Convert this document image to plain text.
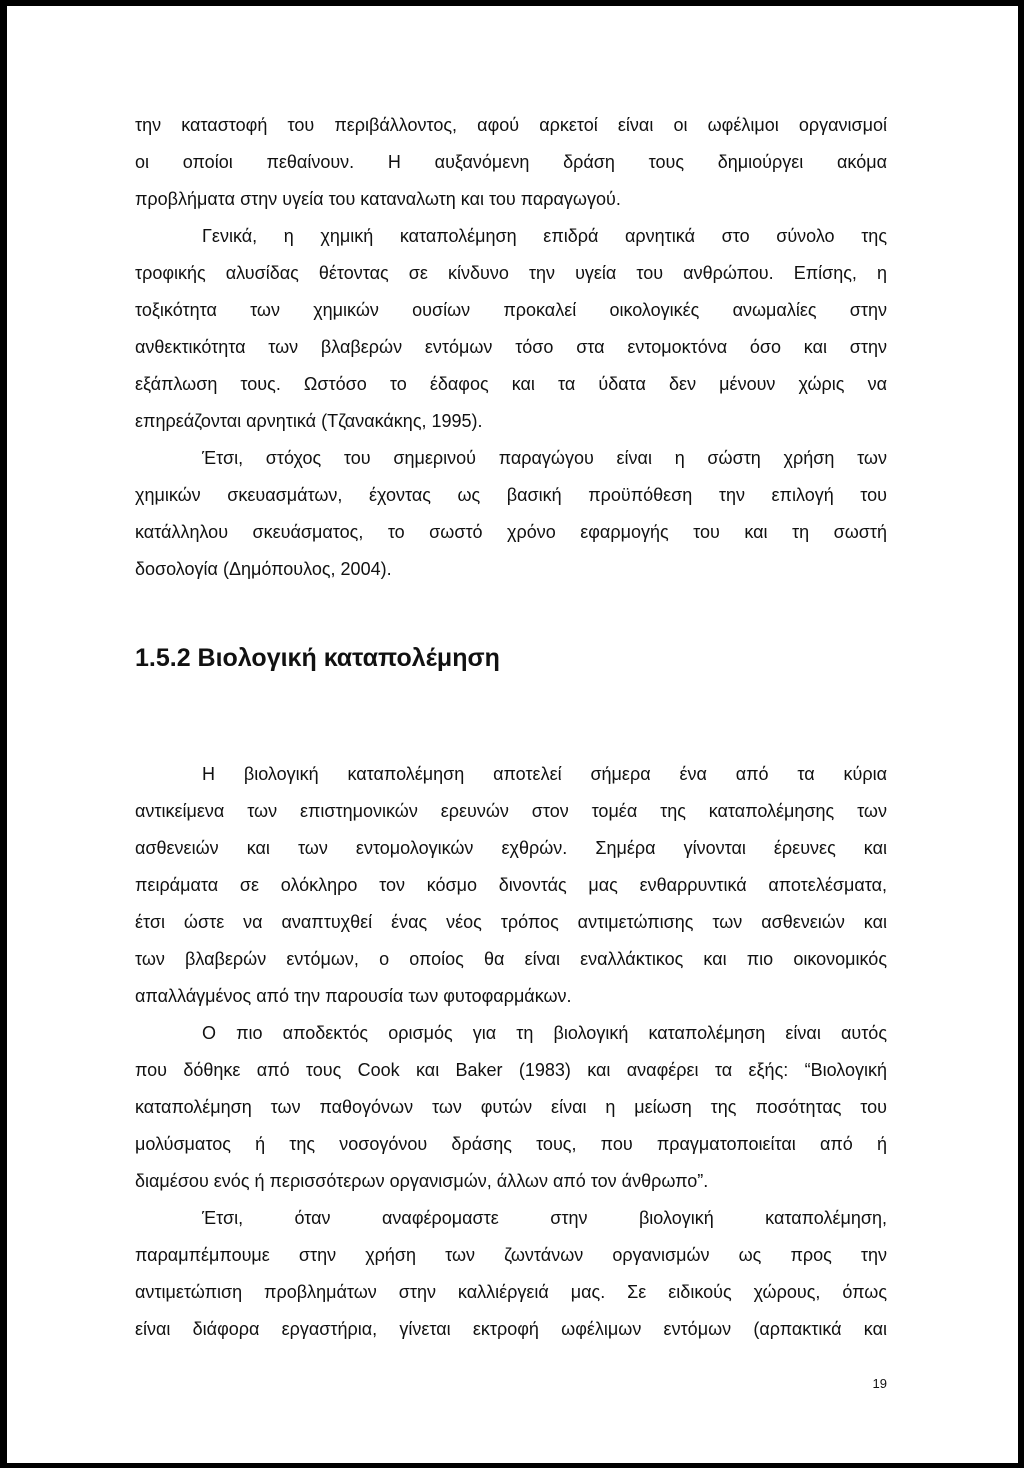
την καταστοφή του περιβάλλοντος, αφού αρκετοί είναι οι ωφέλιμοι οργανισμοί

οι οποίοι πεθαίνουν. Η αυξανόμενη δράση τους δημιούργει ακόμα

προβλήματα στην υγεία του καταναλωτη και του παραγωγού.

Γενικά, η χημική καταπολέμηση επιδρά αρνητικά στο σύνολο της

τροφικής αλυσίδας θέτοντας σε κίνδυνο την υγεία του ανθρώπου. Επίσης, η

τοξικότητα των χημικών ουσίων προκαλεί οικολογικές ανωμαλίες στην

ανθεκτικότητα των βλαβερών εντόμων τόσο στα εντομοκτόνα όσο και στην

εξάπλωση τους. Ωστόσο το έδαφος και τα ύδατα δεν μένουν χώρις να

επηρεάζονται αρνητικά (Τζανακάκης, 1995).

Έτσι, στόχος του σημερινού παραγώγου είναι η σώστη χρήση των

χημικών σκευασμάτων, έχοντας ως βασική προϋπόθεση την επιλογή του

κατάλληλου σκευάσματος, το σωστό χρόνο εφαρμογής του και τη σωστή

δοσολογία (Δημόπουλος, 2004).

1.5.2 Βιολογική καταπολέμηση

Η βιολογική καταπολέμηση αποτελεί σήμερα ένα από τα κύρια

αντικείμενα των επιστημονικών ερευνών στον τομέα της καταπολέμησης των

ασθενειών και των εντομολογικών εχθρών. Σημέρα γίνονται έρευνες και

πειράματα σε ολόκληρο τον κόσμο δινοντάς μας ενθαρρυντικά αποτελέσματα,

έτσι ώστε να αναπτυχθεί ένας νέος τρόπος αντιμετώπισης των ασθενειών και

των βλαβερών εντόμων, ο οποίος θα είναι εναλλάκτικος και πιο οικονομικός

απαλλάγμένος από την παρουσία των φυτοφαρμάκων.

Ο πιο αποδεκτός ορισμός για τη βιολογική καταπολέμηση είναι αυτός

που δόθηκε από τους Cook και Baker (1983) και αναφέρει τα εξής: “Βιολογική

καταπολέμηση των παθογόνων των φυτών είναι η μείωση της ποσότητας του

μολύσματος ή της νοσογόνου δράσης τους, που πραγματοποιείται από ή

διαμέσου ενός ή περισσότερων οργανισμών, άλλων από τον άνθρωπο”.

Έτσι, όταν αναφέρομαστε στην βιολογική καταπολέμηση,

παραμπέμπουμε στην χρήση των ζωντάνων οργανισμών ως προς την

αντιμετώπιση προβλημάτων στην καλλιέργειά μας. Σε ειδικούς χώρους, όπως

είναι διάφορα εργαστήρια, γίνεται εκτροφή ωφέλιμων εντόμων (αρπακτικά και

19
